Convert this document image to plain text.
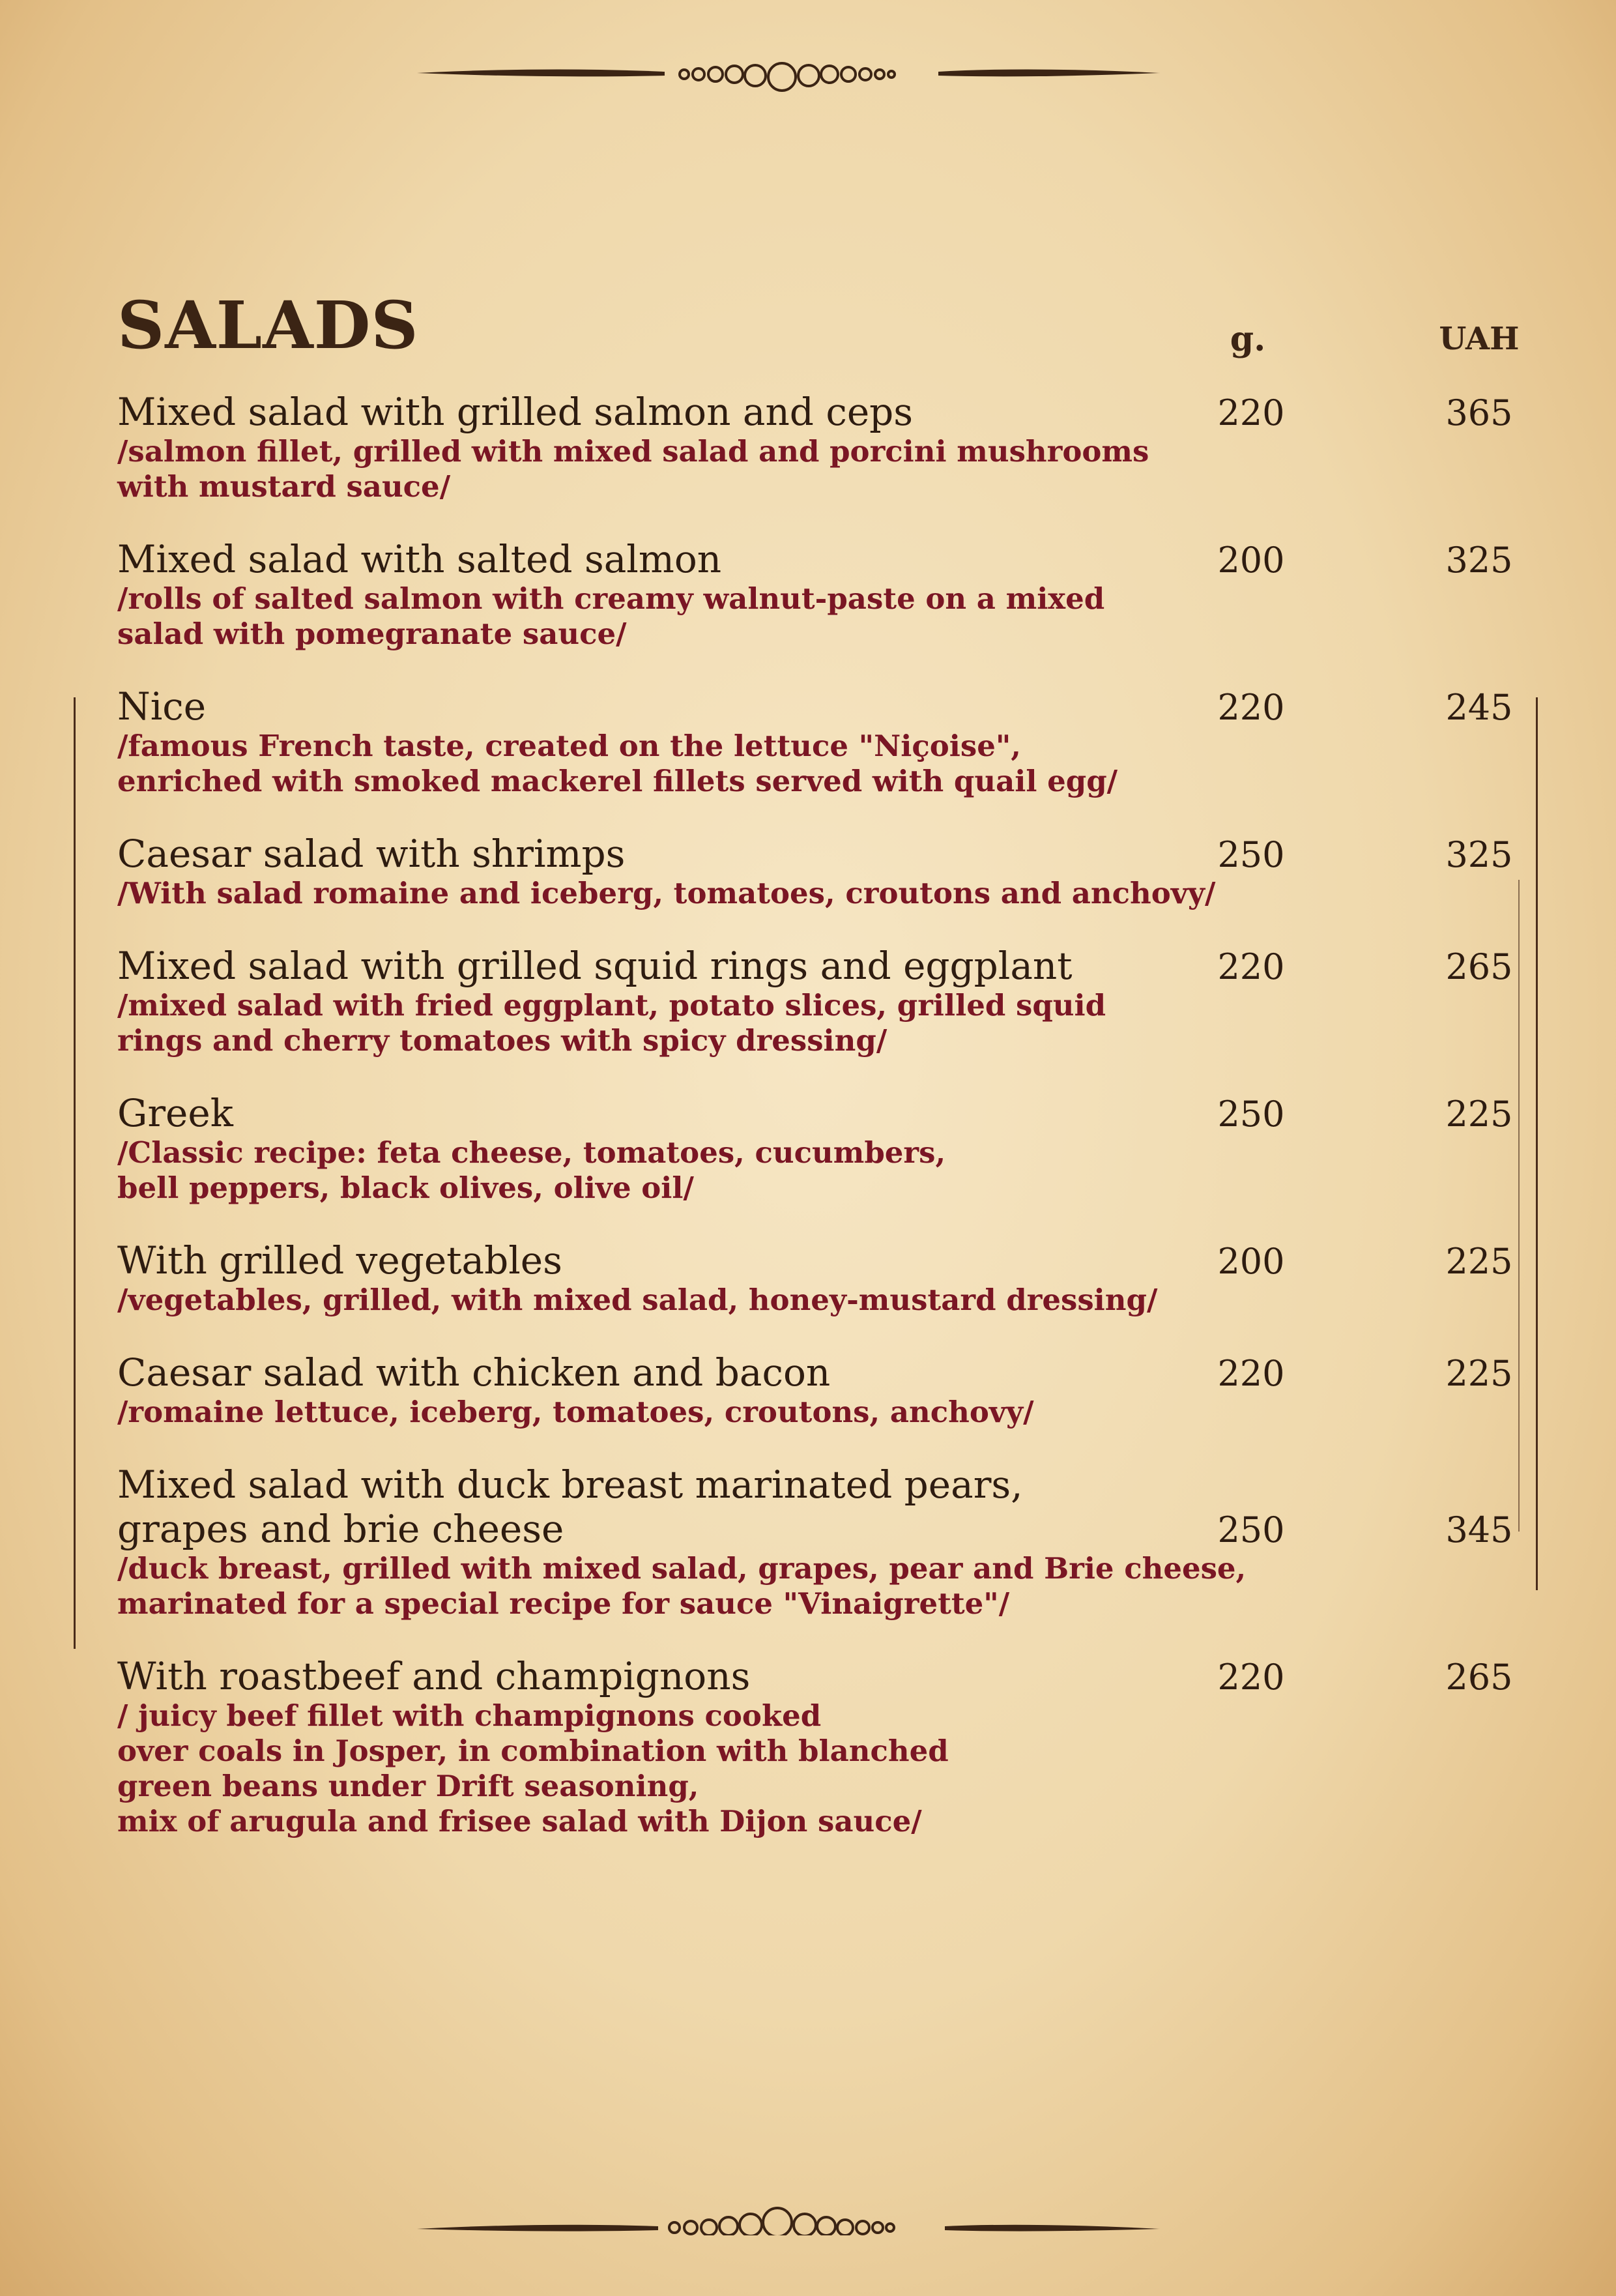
SALADS	g.	UAH
Mixed salad with grilled salmon and ceps
/salmon fillet, grilled with mixed salad and porcini mushrooms
with mustard sauce/
220	365
Mixed salad with salted salmon
/rolls of salted salmon with creamy walnut-paste on a mixed
salad with pomegranate sauce/
200	325
Nice
/famous French taste, created on the lettuce "Niçoise",
enriched with smoked mackerel fillets served with quail egg/
220	245
Caesar salad with shrimps
/With salad romaine and iceberg, tomatoes, croutons and anchovy/
250	325
Mixed salad with grilled squid rings and eggplant
/mixed salad with fried eggplant, potato slices, grilled squid
rings and cherry tomatoes with spicy dressing/
220	265
Greek
/Classic recipe: feta cheese, tomatoes, cucumbers,
bell peppers, black olives, olive oil/
250	225
With grilled vegetables
/vegetables, grilled, with mixed salad, honey-mustard dressing/
200	225
Caesar salad with chicken and bacon
/romaine lettuce, iceberg, tomatoes, croutons, anchovy/
220	225
Mixed salad with duck breast marinated pears,
grapes and brie cheese
/duck breast, grilled with mixed salad, grapes, pear and Brie cheese,
marinated for a special recipe for sauce "Vinaigrette"/
250	345
With roastbeef and champignons
/ juicy beef fillet with champignons cooked
over coals in Josper, in combination with blanched
green beans under Drift seasoning,
mix of arugula and frisee salad with Dijon sauce/
220	265
